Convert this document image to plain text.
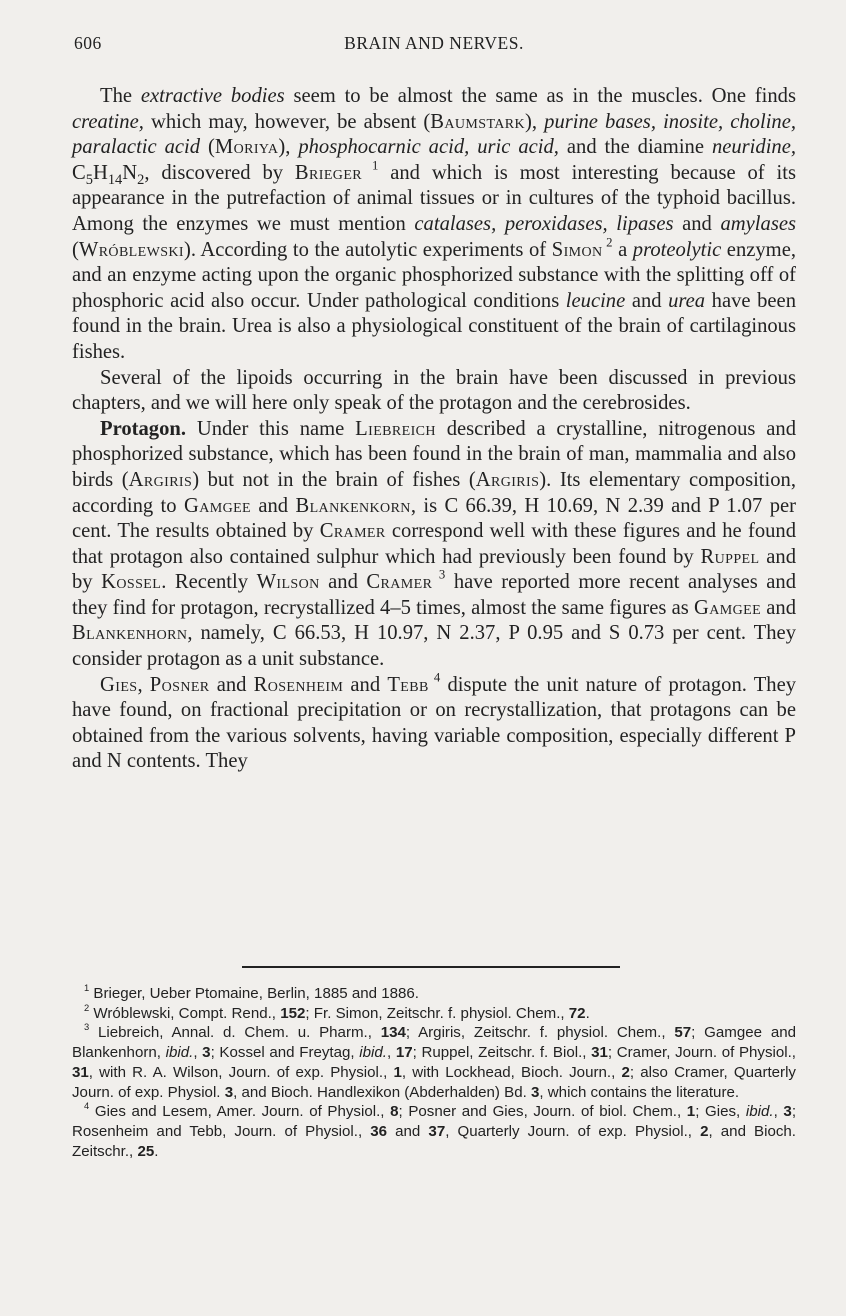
606	BRAIN AND NERVES.

The extractive bodies seem to be almost the same as in the muscles. One finds creatine, which may, however, be absent (Baumstark), purine bases, inosite, choline, paralactic acid (Moriya), phosphocarnic acid, uric acid, and the diamine neuridine, $C_5H_{14}N_2$, discovered by Brieger $^1$ and which is most interesting because of its appearance in the putrefaction of animal tissues or in cultures of the typhoid bacillus. Among the enzymes we must mention catalases, peroxidases, lipases and amylases (Wróblewski). According to the autolytic experiments of Simon $^2$ a proteolytic enzyme, and an enzyme acting upon the organic phosphorized substance with the splitting off of phosphoric acid also occur. Under pathological conditions leucine and urea have been found in the brain. Urea is also a physiological constituent of the brain of cartilaginous fishes.

Several of the lipoids occurring in the brain have been discussed in previous chapters, and we will here only speak of the protagon and the cerebrosides.

Protagon. Under this name Liebreich described a crystalline, nitrogenous and phosphorized substance, which has been found in the brain of man, mammalia and also birds (Argiris) but not in the brain of fishes (Argiris). Its elementary composition, according to Gamgee and Blankenkorn, is C 66.39, H 10.69, N 2.39 and P 1.07 per cent. The results obtained by Cramer correspond well with these figures and he found that protagon also contained sulphur which had previously been found by Ruppel and by Kossel. Recently Wilson and Cramer $^3$ have reported more recent analyses and they find for protagon, recrystallized 4–5 times, almost the same figures as Gamgee and Blankenhorn, namely, C 66.53, H 10.97, N 2.37, P 0.95 and S 0.73 per cent. They consider protagon as a unit substance.

Gies, Posner and Rosenheim and Tebb $^4$ dispute the unit nature of protagon. They have found, on fractional precipitation or on recrystallization, that protagons can be obtained from the various solvents, having variable composition, especially different P and N contents. They

$^1$ Brieger, Ueber Ptomaine, Berlin, 1885 and 1886.

$^2$ Wróblewski, Compt. Rend., 152; Fr. Simon, Zeitschr. f. physiol. Chem., 72.

$^3$ Liebreich, Annal. d. Chem. u. Pharm., 134; Argiris, Zeitschr. f. physiol. Chem., 57; Gamgee and Blankenhorn, ibid., 3; Kossel and Freytag, ibid., 17; Ruppel, Zeitschr. f. Biol., 31; Cramer, Journ. of Physiol., 31, with R. A. Wilson, Journ. of exp. Physiol., 1, with Lockhead, Bioch. Journ., 2; also Cramer, Quarterly Journ. of exp. Physiol. 3, and Bioch. Handlexikon (Abderhalden) Bd. 3, which contains the literature.

$^4$ Gies and Lesem, Amer. Journ. of Physiol., 8; Posner and Gies, Journ. of biol. Chem., 1; Gies, ibid., 3; Rosenheim and Tebb, Journ. of Physiol., 36 and 37, Quarterly Journ. of exp. Physiol., 2, and Bioch. Zeitschr., 25.
